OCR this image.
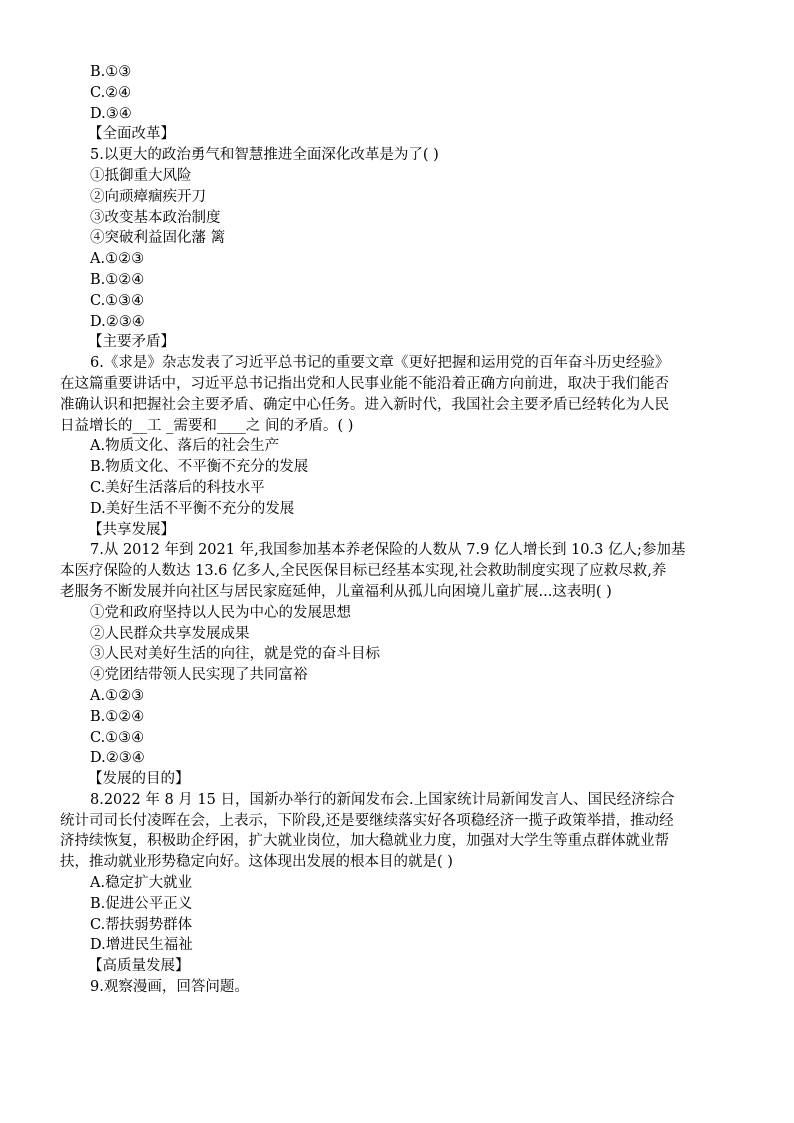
B.①③
C.②④
D.③④
【全面改革】
5.以更大的政治勇气和智慧推进全面深化改革是为了( )
①抵御重大风险
②向顽瘴痼疾开刀
③改变基本政治制度
④突破利益固化藩 篱
A.①②③
B.①②④
C.①③④
D.②③④
【主要矛盾】
6.《求是》杂志发表了习近平总书记的重要文章《更好把握和运用党的百年奋斗历史经验》
在这篇重要讲话中，习近平总书记指出党和人民事业能不能沿着正确方向前进，取决于我们能否
准确认识和把握社会主要矛盾、确定中心任务。进入新时代，我国社会主要矛盾已经转化为人民
日益增长的__工 _需要和____之 间的矛盾。( )
A.物质文化、落后的社会生产
B.物质文化、不平衡不充分的发展
C.美好生活落后的科技水平
D.美好生活不平衡不充分的发展
【共享发展】
7.从 2012 年到 2021 年,我国参加基本养老保险的人数从 7.9 亿人增长到 10.3 亿人;参加基
本医疗保险的人数达 13.6 亿多人,全民医保目标已经基本实现,社会救助制度实现了应救尽救,养
老服务不断发展并向社区与居民家庭延伸，儿童福利从孤儿向困境儿童扩展...这表明( )
①党和政府坚持以人民为中心的发展思想
②人民群众共享发展成果
③人民对美好生活的向往，就是党的奋斗目标
④党团结带领人民实现了共同富裕
A.①②③
B.①②④
C.①③④
D.②③④
【发展的目的】
8.2022 年 8 月 15 日，国新办举行的新闻发布会.上国家统计局新闻发言人、国民经济综合
统计司司长付凌晖在会，上表示，下阶段,还是要继续落实好各项稳经济一揽子政策举措，推动经
济持续恢复，积极助企纾困，扩大就业岗位，加大稳就业力度，加强对大学生等重点群体就业帮
扶，推动就业形势稳定向好。这体现出发展的根本目的就是( )
A.稳定扩大就业
B.促进公平正义
C.帮扶弱势群体
D.增进民生福祉
【高质量发展】
9.观察漫画，回答问题。
